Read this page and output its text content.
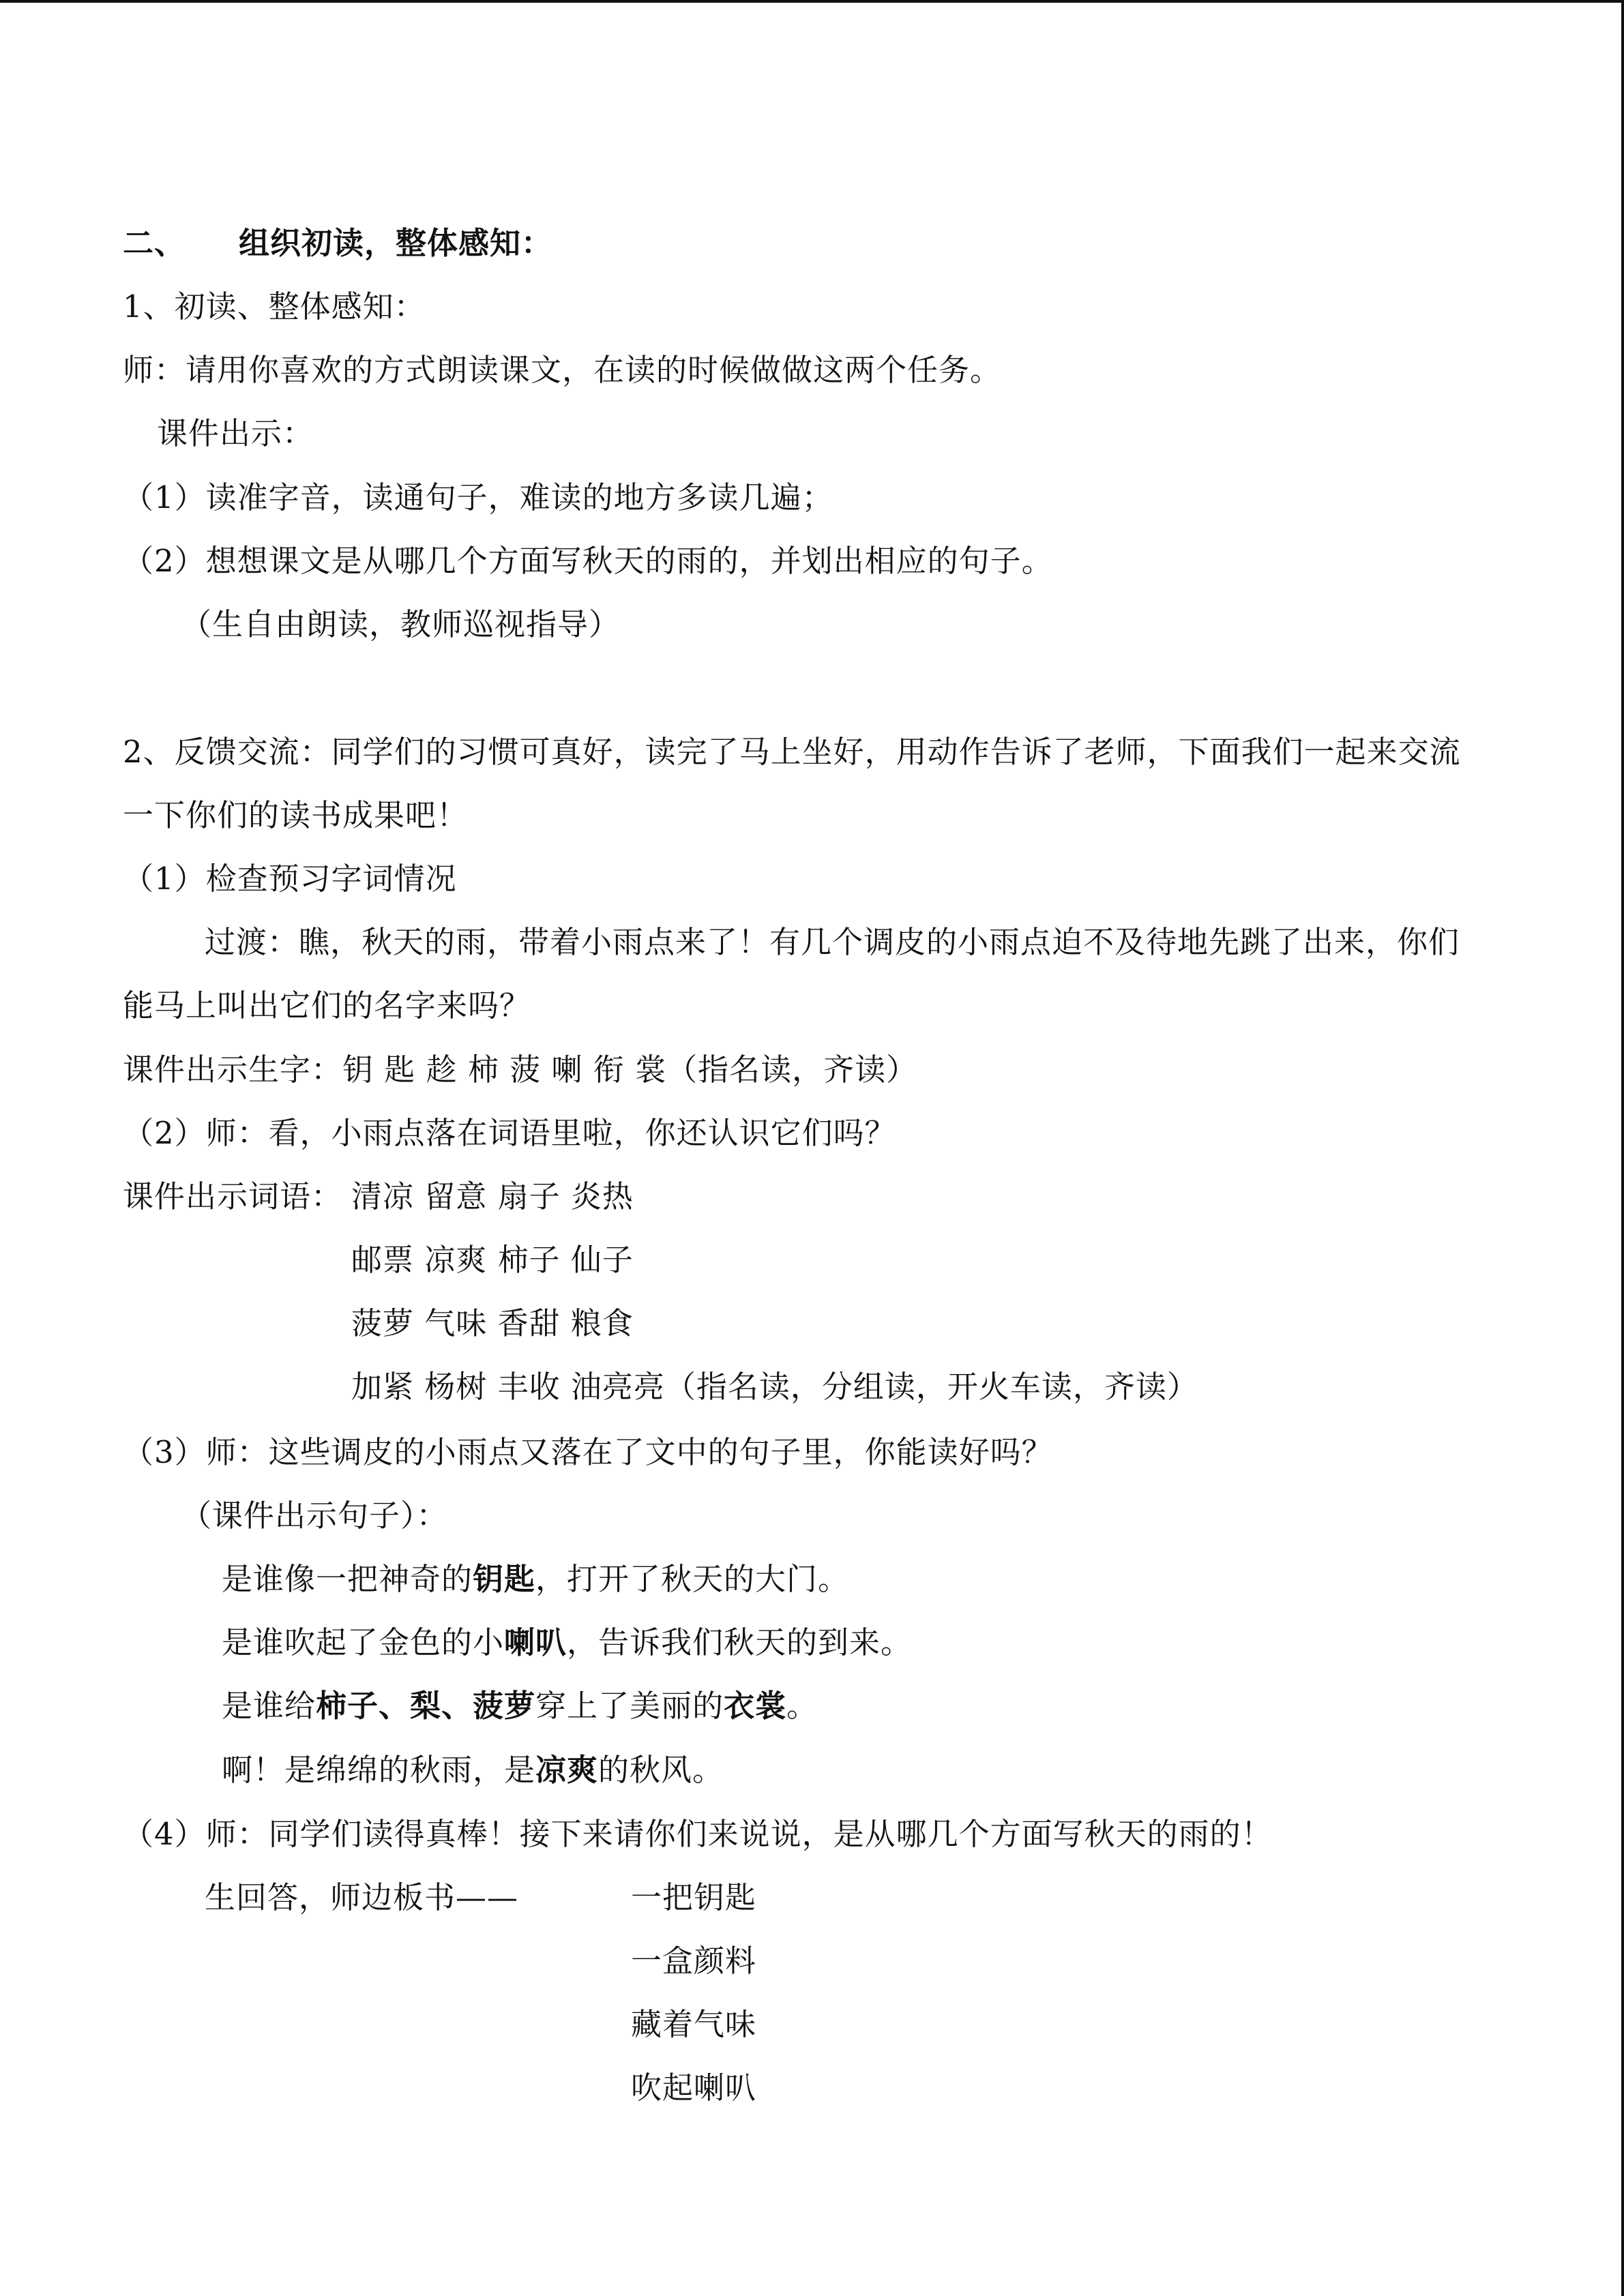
二、 组织初读，整体感知：
1、初读、整体感知：
师：请用你喜欢的方式朗读课文，在读的时候做做这两个任务。
课件出示：
（1）读准字音，读通句子，难读的地方多读几遍；
（2）想想课文是从哪几个方面写秋天的雨的，并划出相应的句子。
（生自由朗读，教师巡视指导）
2、反馈交流：同学们的习惯可真好，读完了马上坐好，用动作告诉了老师，下面我们一起来交流
一下你们的读书成果吧！
（1）检查预习字词情况
过渡：瞧，秋天的雨，带着小雨点来了！有几个调皮的小雨点迫不及待地先跳了出来，你们
能马上叫出它们的名字来吗？
课件出示生字：钥 匙 趁 柿 菠 喇 衔 裳（指名读，齐读）
（2）师：看，小雨点落在词语里啦，你还认识它们吗？
课件出示词语： 清凉 留意 扇子 炎热
邮票 凉爽 柿子 仙子
菠萝 气味 香甜 粮食
加紧 杨树 丰收 油亮亮（指名读，分组读，开火车读，齐读）
（3）师：这些调皮的小雨点又落在了文中的句子里，你能读好吗？
（课件出示句子）：
是谁像一把神奇的钥匙，打开了秋天的大门。
是谁吹起了金色的小喇叭，告诉我们秋天的到来。
是谁给柿子、梨、菠萝穿上了美丽的衣裳。
啊！是绵绵的秋雨，是凉爽的秋风。
（4）师：同学们读得真棒！接下来请你们来说说，是从哪几个方面写秋天的雨的！
生回答，师边板书——	一把钥匙
一盒颜料
藏着气味
吹起喇叭
